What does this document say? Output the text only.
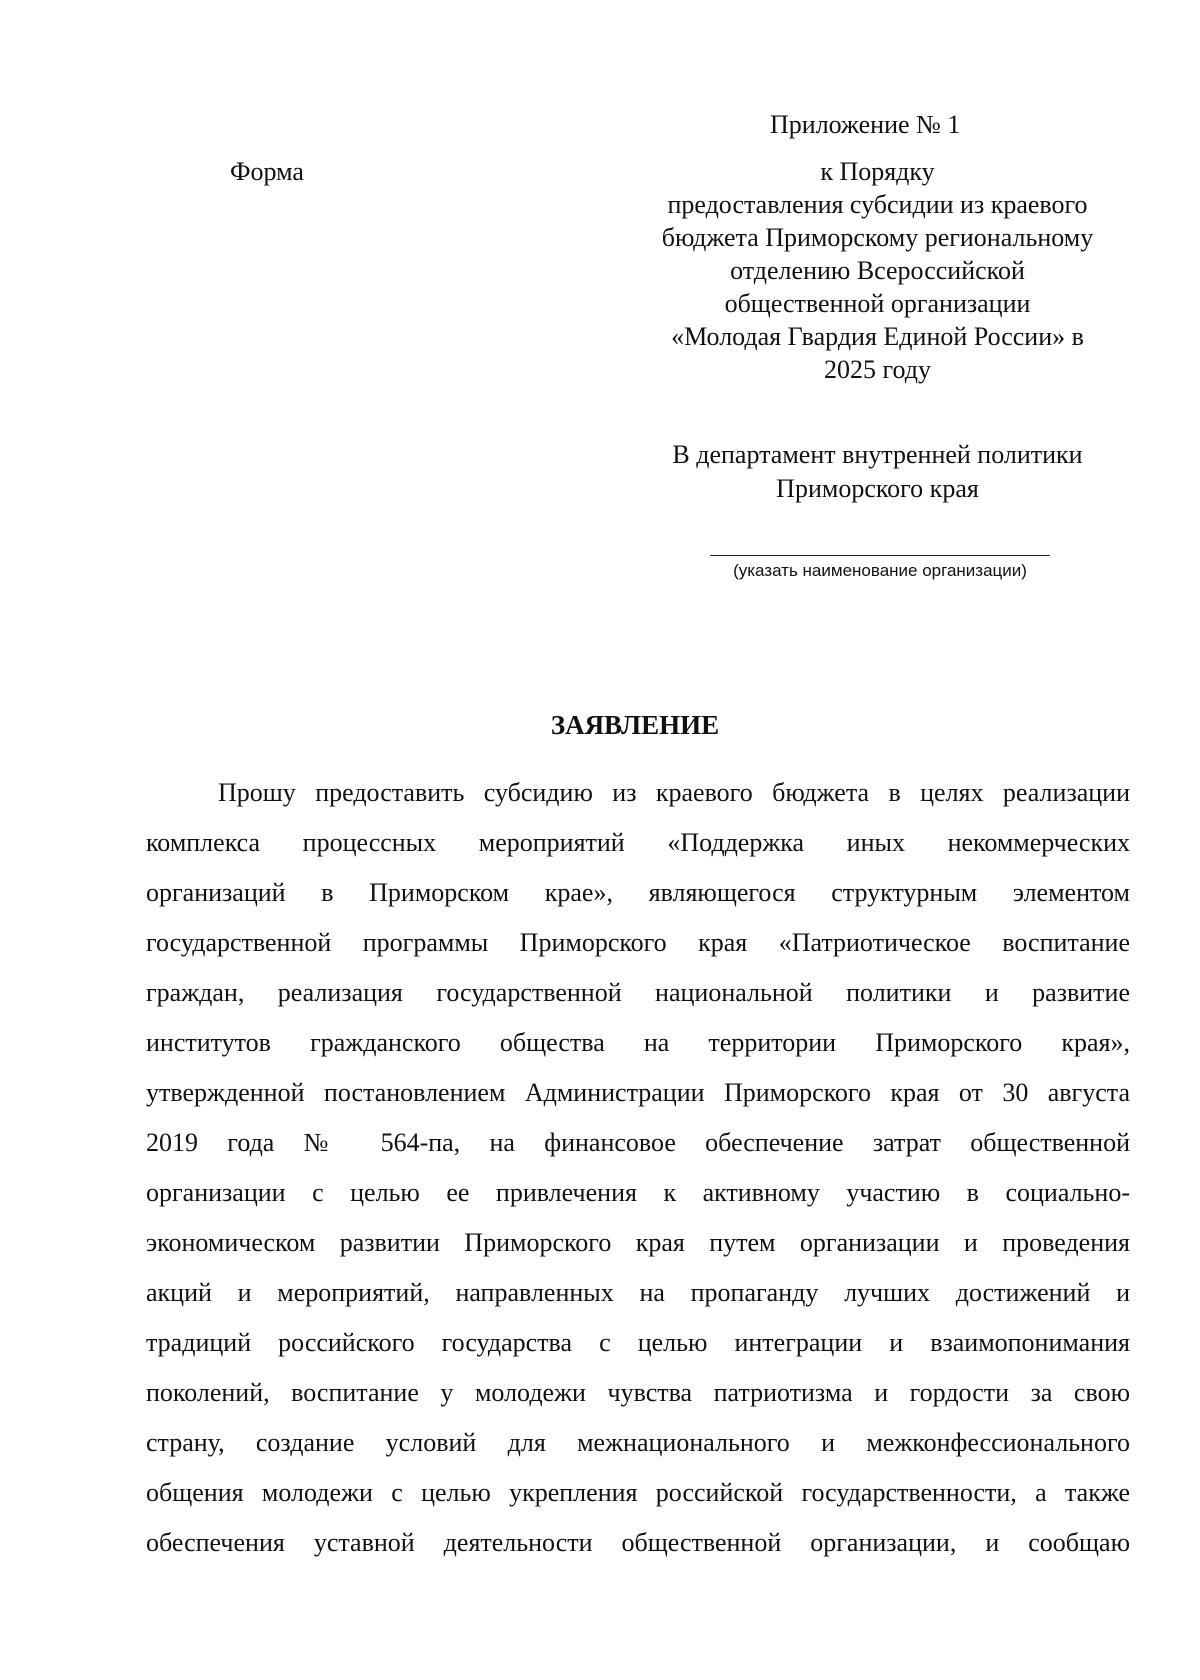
Форма
Приложение № 1
к Порядку
предоставления субсидии из краевого
бюджета Приморскому региональному
отделению Всероссийской
общественной организации
«Молодая Гвардия Единой России» в
2025 году
В департамент внутренней политики
Приморского края
(указать наименование организации)
ЗАЯВЛЕНИЕ
Прошу предоставить субсидию из краевого бюджета в целях реализации
комплекса процессных мероприятий «Поддержка иных некоммерческих
организаций в Приморском крае», являющегося структурным элементом
государственной программы Приморского края «Патриотическое воспитание
граждан, реализация государственной национальной политики и развитие
институтов гражданского общества на территории Приморского края»,
утвержденной постановлением Администрации Приморского края от 30 августа
2019 года № 564-па, на финансовое обеспечение затрат общественной
организации с целью ее привлечения к активному участию в социально-
экономическом развитии Приморского края путем организации и проведения
акций и мероприятий, направленных на пропаганду лучших достижений и
традиций российского государства с целью интеграции и взаимопонимания
поколений, воспитание у молодежи чувства патриотизма и гордости за свою
страну, создание условий для межнационального и межконфессионального
общения молодежи с целью укрепления российской государственности, а также
обеспечения уставной деятельности общественной организации, и сообщаю
